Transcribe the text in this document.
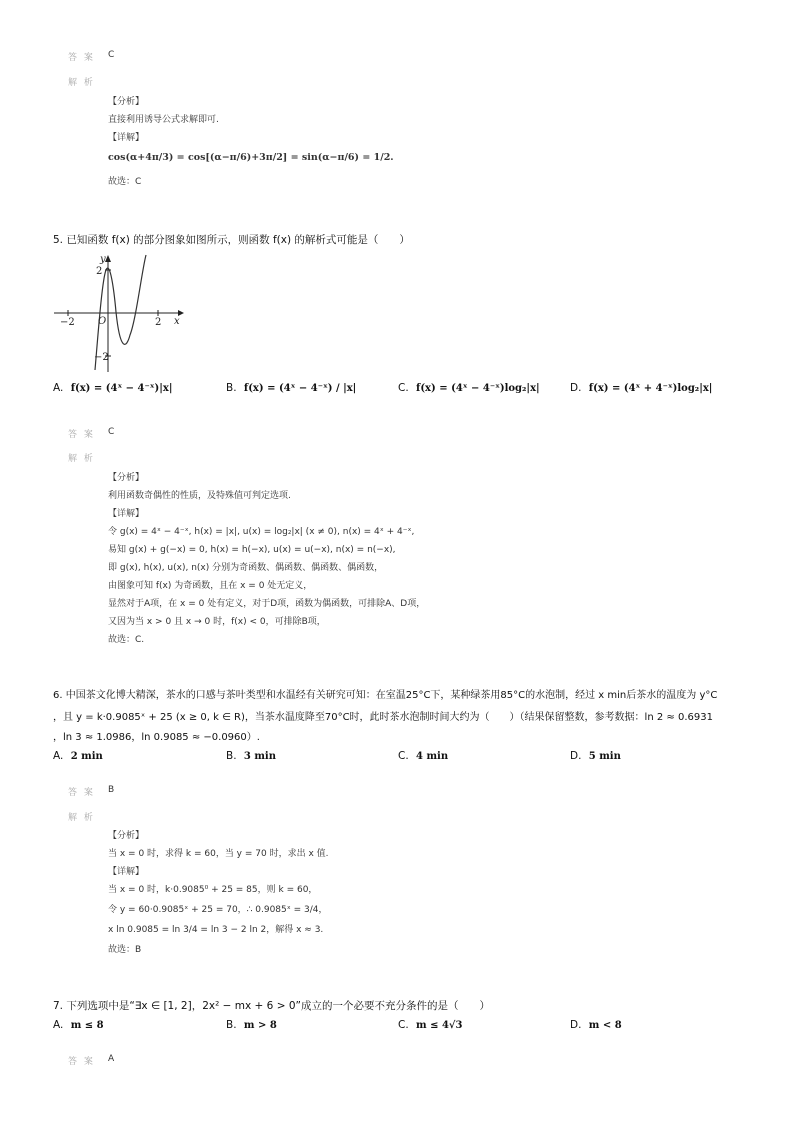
答 案 C
解 析
【分析】
直接利用诱导公式求解即可.
【详解】
cos(α+4π/3) = cos[(α−π/6)+3π/2] = sin(α−π/6) = 1/2.
故选：C
5. 已知函数 f(x) 的部分图象如图所示，则函数 f(x) 的解析式可能是（　　）
y
x
O
−2	2
2
−2
A. f(x) = (4ˣ − 4⁻ˣ)|x|	B. f(x) = (4ˣ − 4⁻ˣ) / |x|	C. f(x) = (4ˣ − 4⁻ˣ)log₂|x|	D. f(x) = (4ˣ + 4⁻ˣ)log₂|x|
答 案 C
解 析
【分析】
利用函数奇偶性的性质，及特殊值可判定选项.
【详解】
令 g(x) = 4ˣ − 4⁻ˣ, h(x) = |x|, u(x) = log₂|x| (x ≠ 0), n(x) = 4ˣ + 4⁻ˣ,
易知 g(x) + g(−x) = 0, h(x) = h(−x), u(x) = u(−x), n(x) = n(−x),
即 g(x), h(x), u(x), n(x) 分别为奇函数、偶函数、偶函数、偶函数，
由图象可知 f(x) 为奇函数，且在 x = 0 处无定义，
显然对于A项，在 x = 0 处有定义，对于D项，函数为偶函数，可排除A、D项，
又因为当 x > 0 且 x → 0 时，f(x) < 0，可排除B项，
故选：C.
6. 中国茶文化博大精深，茶水的口感与茶叶类型和水温经有关研究可知：在室温25°C下，某种绿茶用85°C的水泡制，经过 x min后茶水的温度为 y°C
，且 y = k·0.9085ˣ + 25 (x ≥ 0, k ∈ R)，当茶水温度降至70°C时，此时茶水泡制时间大约为（　　）（结果保留整数，参考数据：ln 2 ≈ 0.6931
，ln 3 ≈ 1.0986，ln 0.9085 ≈ −0.0960）.
A. 2 min	B. 3 min	C. 4 min	D. 5 min
答 案 B
解 析
【分析】
当 x = 0 时，求得 k = 60，当 y = 70 时，求出 x 值.
【详解】
当 x = 0 时，k·0.9085⁰ + 25 = 85，则 k = 60，
令 y = 60·0.9085ˣ + 25 = 70，∴ 0.9085ˣ = 3/4，
x ln 0.9085 = ln 3/4 = ln 3 − 2 ln 2，解得 x ≈ 3.
故选：B
7. 下列选项中是“∃x ∈ [1, 2]，2x² − mx + 6 > 0”成立的一个必要不充分条件的是（　　）
A. m ≤ 8	B. m > 8	C. m ≤ 4√3	D. m < 8
答 案 A
